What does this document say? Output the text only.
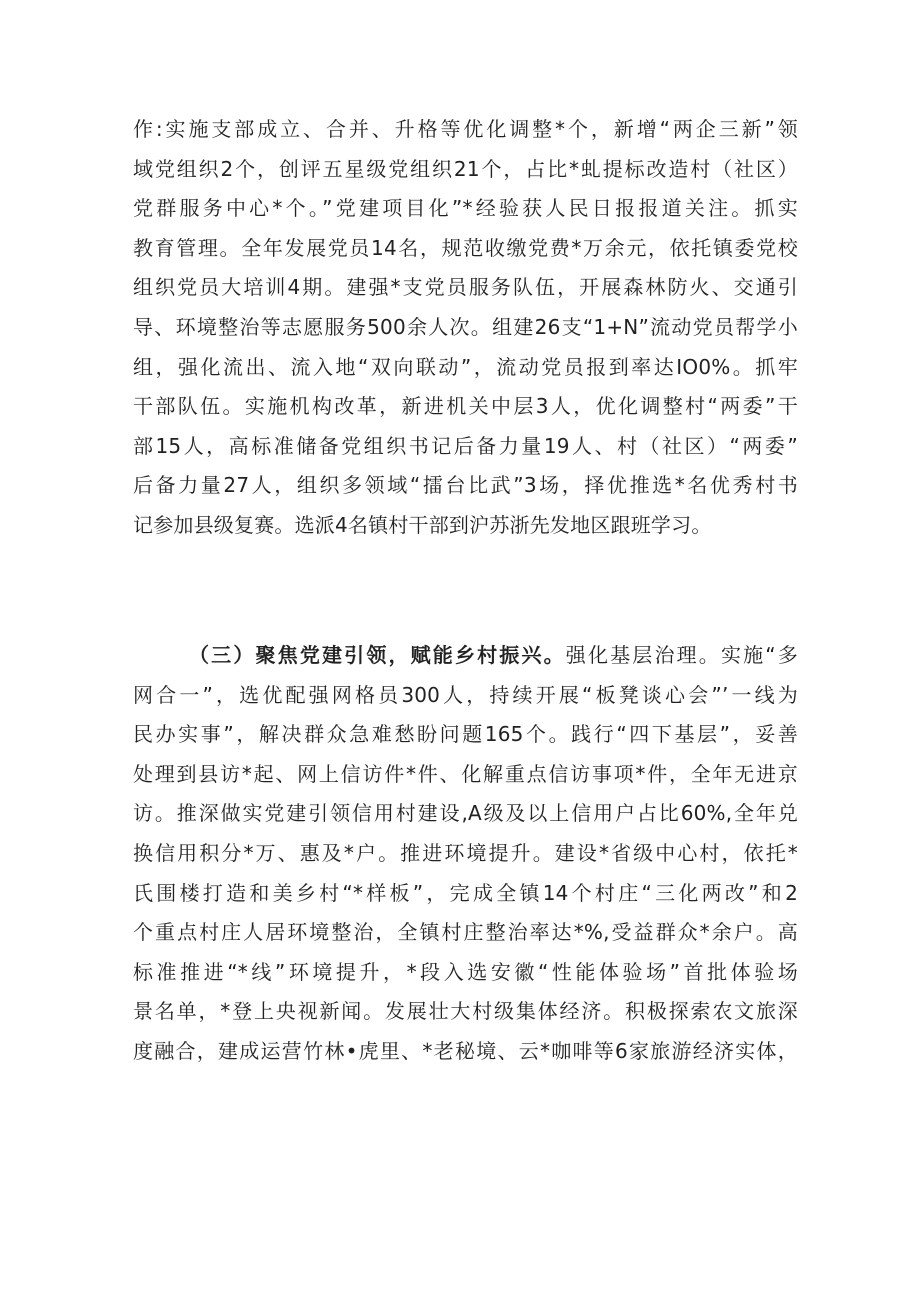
作:实施支部成立、合并、升格等优化调整*个，新增“两企三新”领
域党组织2个，创评五星级党组织21个，占比*虬提标改造村（社区）
党群服务中心*个。”党建项目化”*经验获人民日报报道关注。抓实
教育管理。全年发展党员14名，规范收缴党费*万余元，依托镇委党校
组织党员大培训4期。建强*支党员服务队伍，开展森林防火、交通引
导、环境整治等志愿服务500余人次。组建26支“1+N”流动党员帮学小
组，强化流出、流入地“双向联动”，流动党员报到率达IO0%。抓牢
干部队伍。实施机构改革，新进机关中层3人，优化调整村“两委”干
部15人，高标准储备党组织书记后备力量19人、村（社区）“两委”
后备力量27人，组织多领域“擂台比武”3场，择优推选*名优秀村书
记参加县级复赛。选派4名镇村干部到沪苏浙先发地区跟班学习。
（三）聚焦党建引领，赋能乡村振兴。强化基层治理。实施“多
网合一”，选优配强网格员300人，持续开展“板凳谈心会”’一线为
民办实事”，解决群众急难愁盼问题165个。践行“四下基层”，妥善
处理到县访*起、网上信访件*件、化解重点信访事项*件，全年无进京
访。推深做实党建引领信用村建设,A级及以上信用户占比60%,全年兑
换信用积分*万、惠及*户。推进环境提升。建设*省级中心村，依托*
氏围楼打造和美乡村“*样板”，完成全镇14个村庄“三化两改”和2
个重点村庄人居环境整治，全镇村庄整治率达*%,受益群众*余户。高
标准推进“*线”环境提升，*段入选安徽“性能体验场”首批体验场
景名单，*登上央视新闻。发展壮大村级集体经济。积极探索农文旅深
度融合，建成运营竹林•虎里、*老秘境、云*咖啡等6家旅游经济实体，
